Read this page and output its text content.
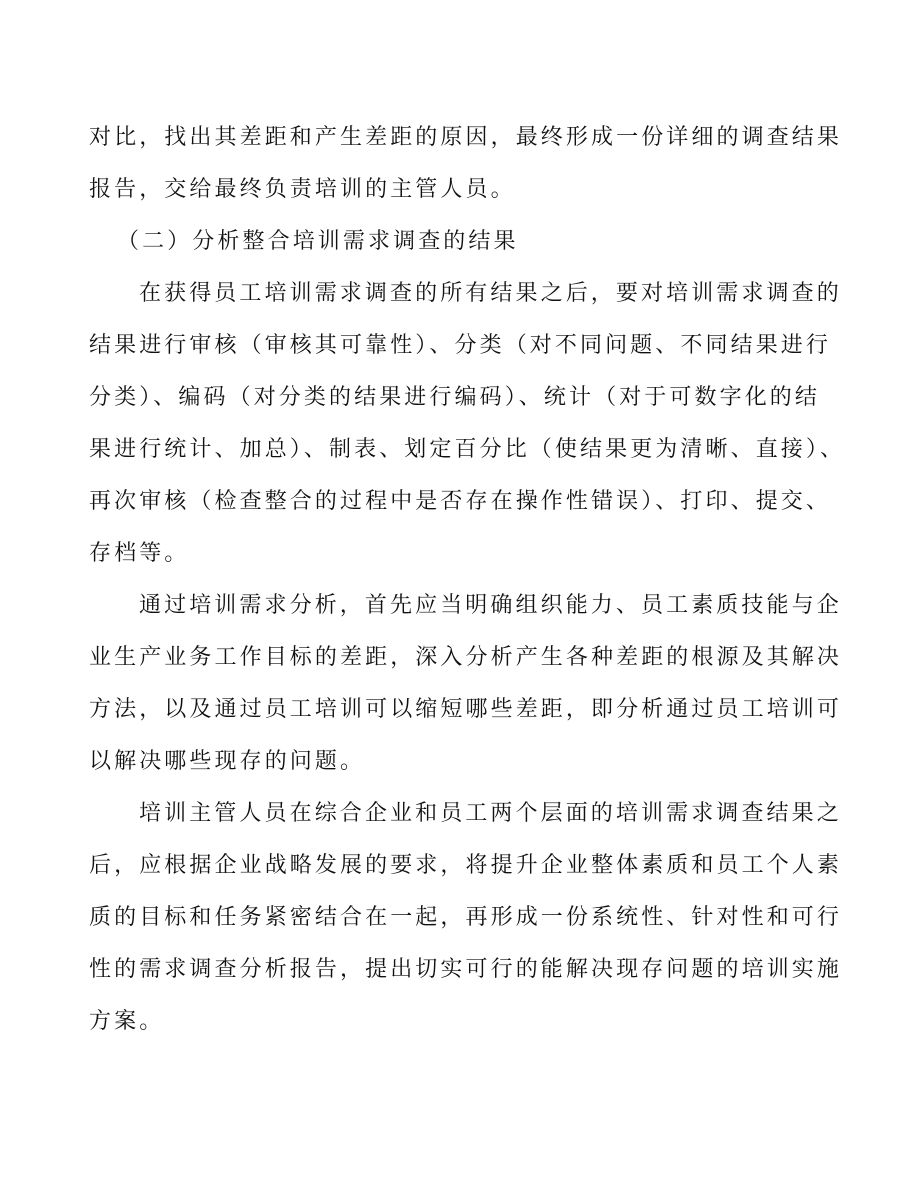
对比，找出其差距和产生差距的原因，最终形成一份详细的调查结果
报告，交给最终负责培训的主管人员。
（二）分析整合培训需求调查的结果
在获得员工培训需求调查的所有结果之后，要对培训需求调查的
结果进行审核（审核其可靠性）、分类（对不同问题、不同结果进行
分类）、编码（对分类的结果进行编码）、统计（对于可数字化的结
果进行统计、加总）、制表、划定百分比（使结果更为清晰、直接）、
再次审核（检查整合的过程中是否存在操作性错误）、打印、提交、
存档等。
通过培训需求分析，首先应当明确组织能力、员工素质技能与企
业生产业务工作目标的差距，深入分析产生各种差距的根源及其解决
方法，以及通过员工培训可以缩短哪些差距，即分析通过员工培训可
以解决哪些现存的问题。
培训主管人员在综合企业和员工两个层面的培训需求调查结果之
后，应根据企业战略发展的要求，将提升企业整体素质和员工个人素
质的目标和任务紧密结合在一起，再形成一份系统性、针对性和可行
性的需求调查分析报告，提出切实可行的能解决现存问题的培训实施
方案。
